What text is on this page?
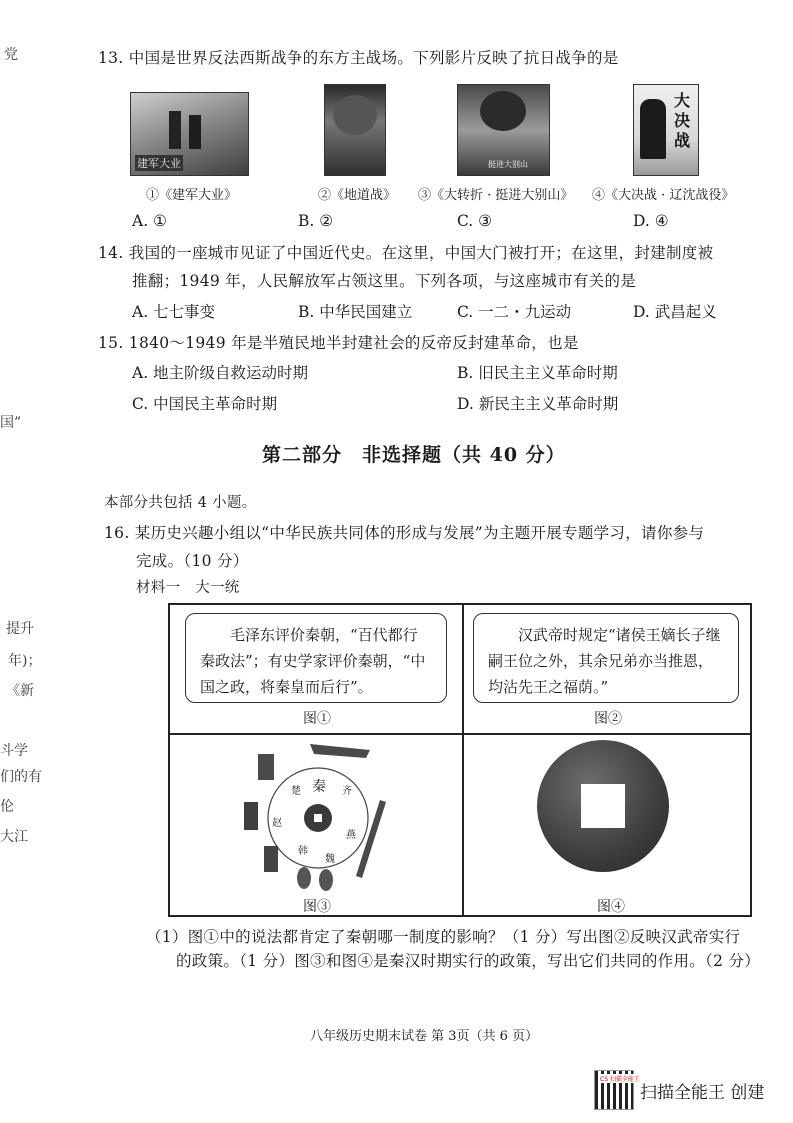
党
国”
提升
年)；
《新
斗学
们的有
伦
大江
13. 中国是世界反法西斯战争的东方主战场。下列影片反映了抗日战争的是
建军大业	挺进大别山
大决战
①《建军大业》	②《地道战》 ③《大转折 · 挺进大别山》 ④《大决战 · 辽沈战役》
A. ①	B. ②	C. ③	D. ④
14. 我国的一座城市见证了中国近代史。在这里，中国大门被打开；在这里，封建制度被
推翻；1949 年，人民解放军占领这里。下列各项，与这座城市有关的是
A. 七七事变	B. 中华民国建立	C. 一二・九运动	D. 武昌起义
15. 1840～1949 年是半殖民地半封建社会的反帝反封建革命，也是
A. 地主阶级自救运动时期	B. 旧民主主义革命时期
C. 中国民主革命时期	D. 新民主主义革命时期
第二部分　非选择题（共 40 分）
本部分共包括 4 小题。
16. 某历史兴趣小组以“中华民族共同体的形成与发展”为主题开展专题学习，请你参与
完成。（10 分）
材料一　大一统
毛泽东评价秦朝，“百代都行秦政法”；有史学家评价秦朝，“中国之政，将秦皇而后行”。
图①
汉武帝时规定“诸侯王嫡长子继嗣王位之外，其余兄弟亦当推恩，均沾先王之福荫。”
图②
秦
楚	齐
燕
赵
韩
魏
图③	图④
（1）图①中的说法都肯定了秦朝哪一制度的影响？（1 分）写出图②反映汉武帝实行
的政策。（1 分）图③和图④是秦汉时期实行的政策，写出它们共同的作用。（2 分）
八年级历史期末试卷 第 3页（共 6 页）
CS 扫描全能王
扫描全能王 创建
